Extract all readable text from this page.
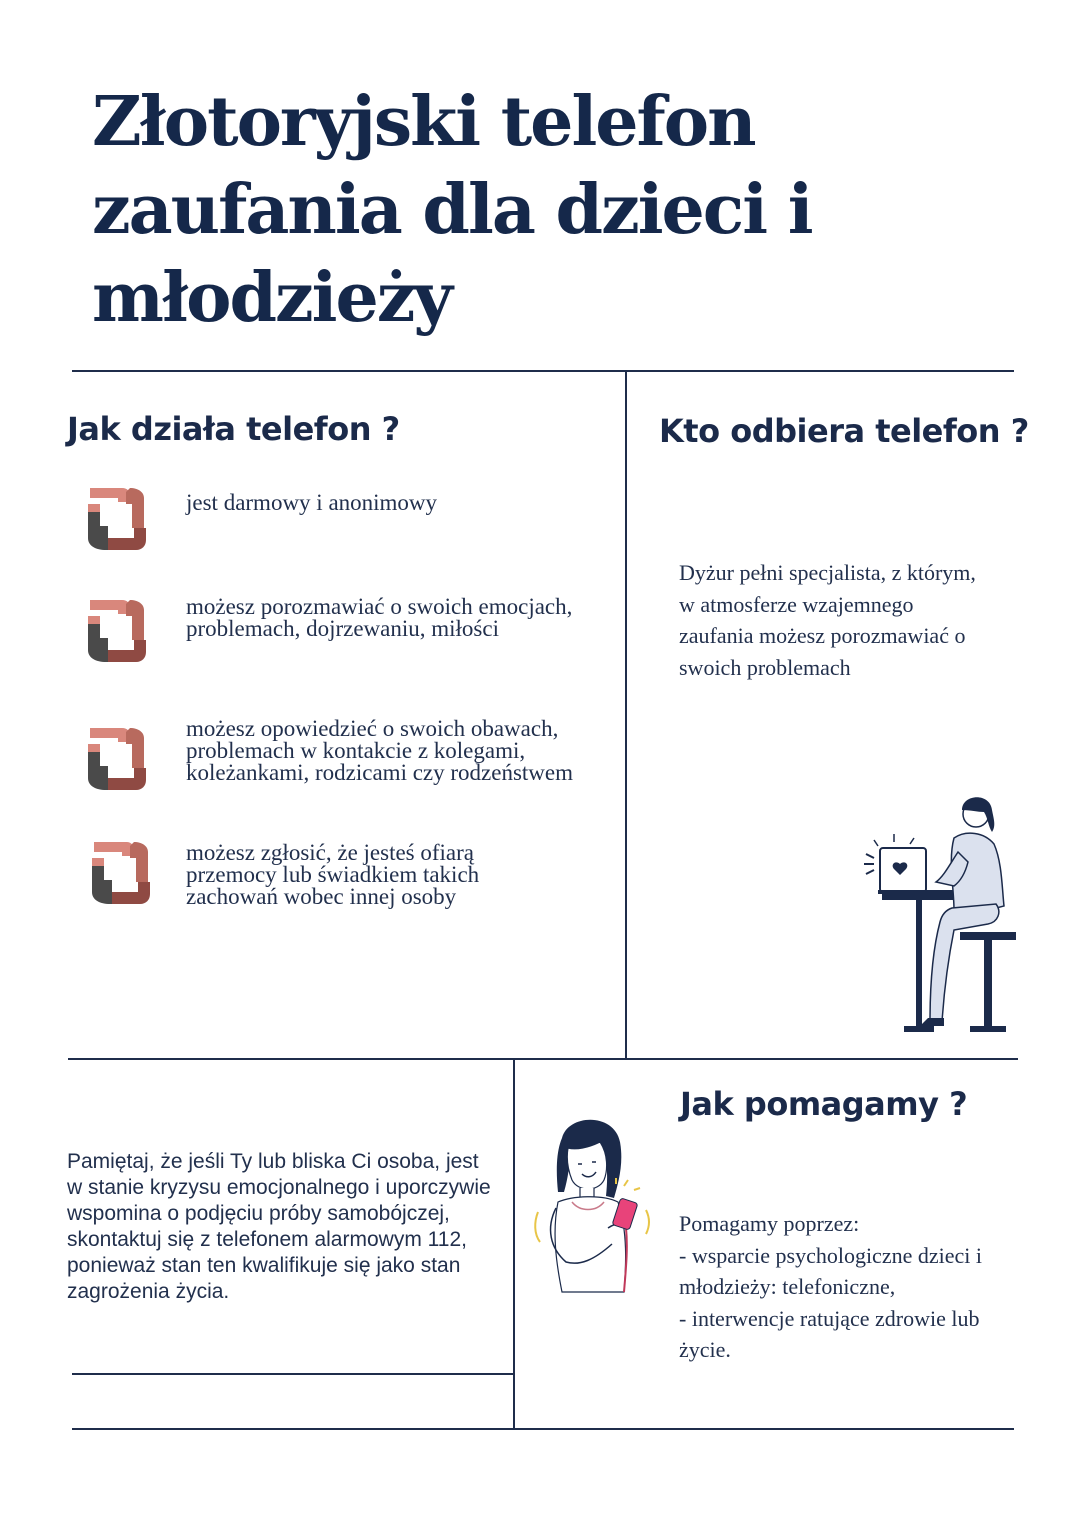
Złotoryjski telefon zaufania dla dzieci i młodzieży
Jak działa telefon ?
jest darmowy i anonimowy
możesz porozmawiać o swoich emocjach, problemach, dojrzewaniu, miłości
możesz opowiedzieć o swoich obawach, problemach w kontakcie z kolegami, koleżankami, rodzicami czy rodzeństwem
możesz zgłosić, że jesteś ofiarą przemocy lub świadkiem takich zachowań wobec innej osoby
Kto odbiera telefon ?
Dyżur pełni specjalista, z którym, w atmosferze wzajemnego zaufania możesz porozmawiać o swoich problemach
Pamiętaj, że jeśli Ty lub bliska Ci osoba, jest w stanie kryzysu emocjonalnego i uporczywie wspomina o podjęciu próby samobójczej, skontaktuj się z telefonem alarmowym 112, ponieważ stan ten kwalifikuje się jako stan zagrożenia życia.
Jak pomagamy ?
Pomagamy poprzez:
- wsparcie psychologiczne dzieci i młodzieży: telefoniczne,
- interwencje ratujące zdrowie lub życie.
